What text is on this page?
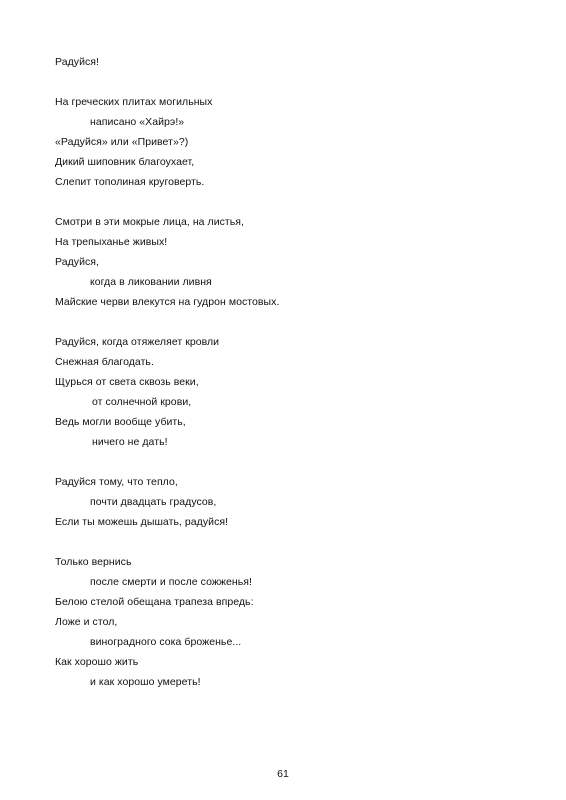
Радуйся!
На греческих плитах могильных
написано «Хайрэ!»
«Радуйся» или «Привет»?)
Дикий шиповник благоухает,
Слепит тополиная круговерть.
Смотри в эти мокрые лица, на листья,
На трепыханье живых!
Радуйся,
когда в ликовании ливня
Майские черви влекутся на гудрон мостовых.
Радуйся, когда отяжеляет кровли
Снежная благодать.
Щурься от света сквозь веки,
от солнечной крови,
Ведь могли вообще убить,
ничего не дать!
Радуйся тому, что тепло,
почти двадцать градусов,
Если ты можешь дышать, радуйся!
Только вернись
после смерти и после сожженья!
Белою стелой обещана трапеза впредь:
Ложе и стол,
виноградного сока броженье...
Как хорошо жить
и как хорошо умереть!
61
